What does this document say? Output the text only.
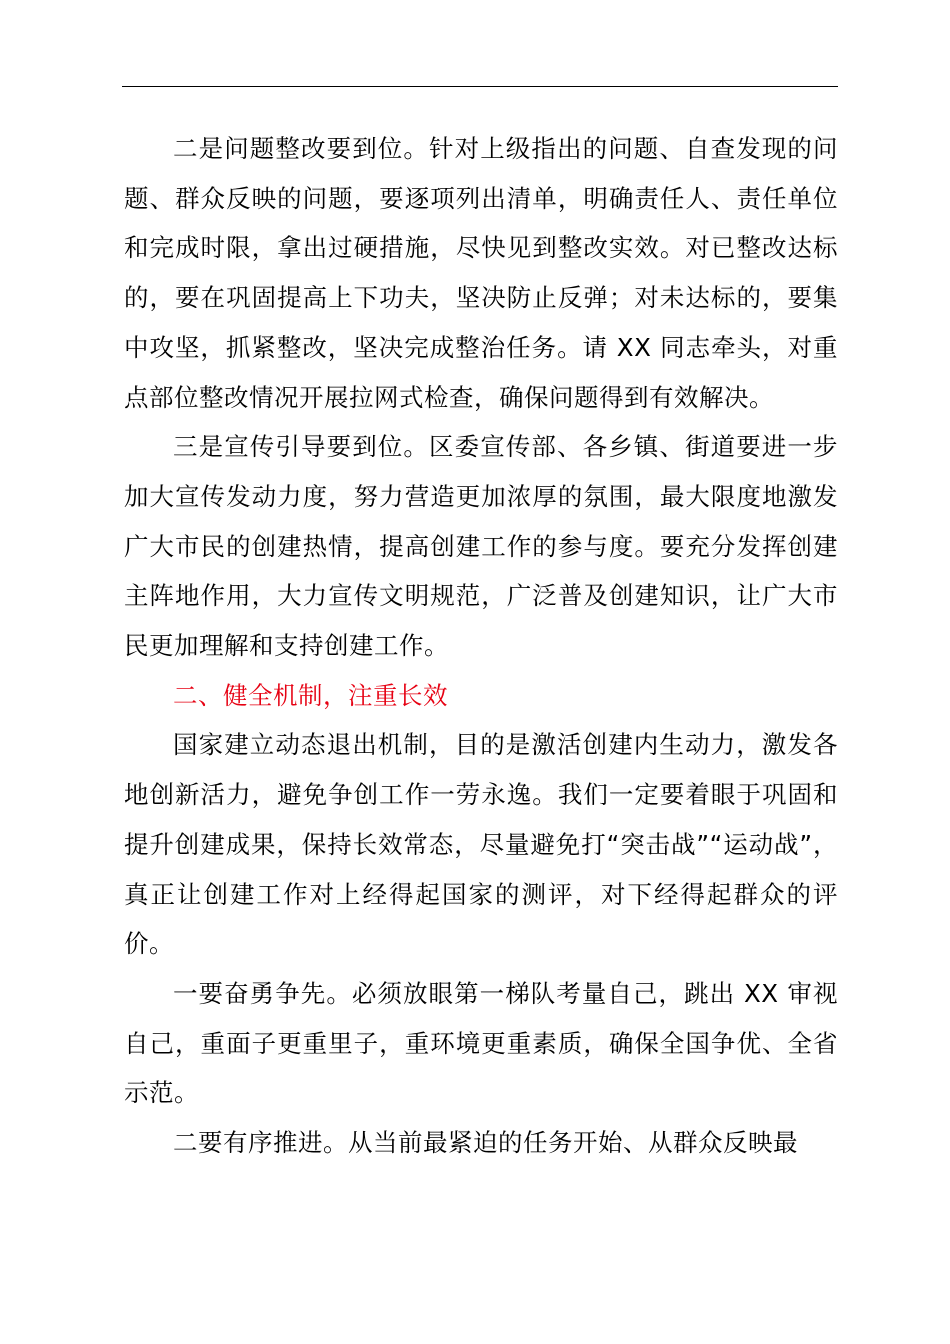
二是问题整改要到位。针对上级指出的问题、自查发现的问题、群众反映的问题，要逐项列出清单，明确责任人、责任单位和完成时限，拿出过硬措施，尽快见到整改实效。对已整改达标的，要在巩固提高上下功夫，坚决防止反弹；对未达标的，要集中攻坚，抓紧整改，坚决完成整治任务。请 XX 同志牵头，对重点部位整改情况开展拉网式检查，确保问题得到有效解决。

三是宣传引导要到位。区委宣传部、各乡镇、街道要进一步加大宣传发动力度，努力营造更加浓厚的氛围，最大限度地激发广大市民的创建热情，提高创建工作的参与度。要充分发挥创建主阵地作用，大力宣传文明规范，广泛普及创建知识，让广大市民更加理解和支持创建工作。

二、健全机制，注重长效

国家建立动态退出机制，目的是激活创建内生动力，激发各地创新活力，避免争创工作一劳永逸。我们一定要着眼于巩固和提升创建成果，保持长效常态，尽量避免打“突击战”“运动战”，真正让创建工作对上经得起国家的测评，对下经得起群众的评价。

一要奋勇争先。必须放眼第一梯队考量自己，跳出 XX 审视自己，重面子更重里子，重环境更重素质，确保全国争优、全省示范。

二要有序推进。从当前最紧迫的任务开始、从群众反映最
